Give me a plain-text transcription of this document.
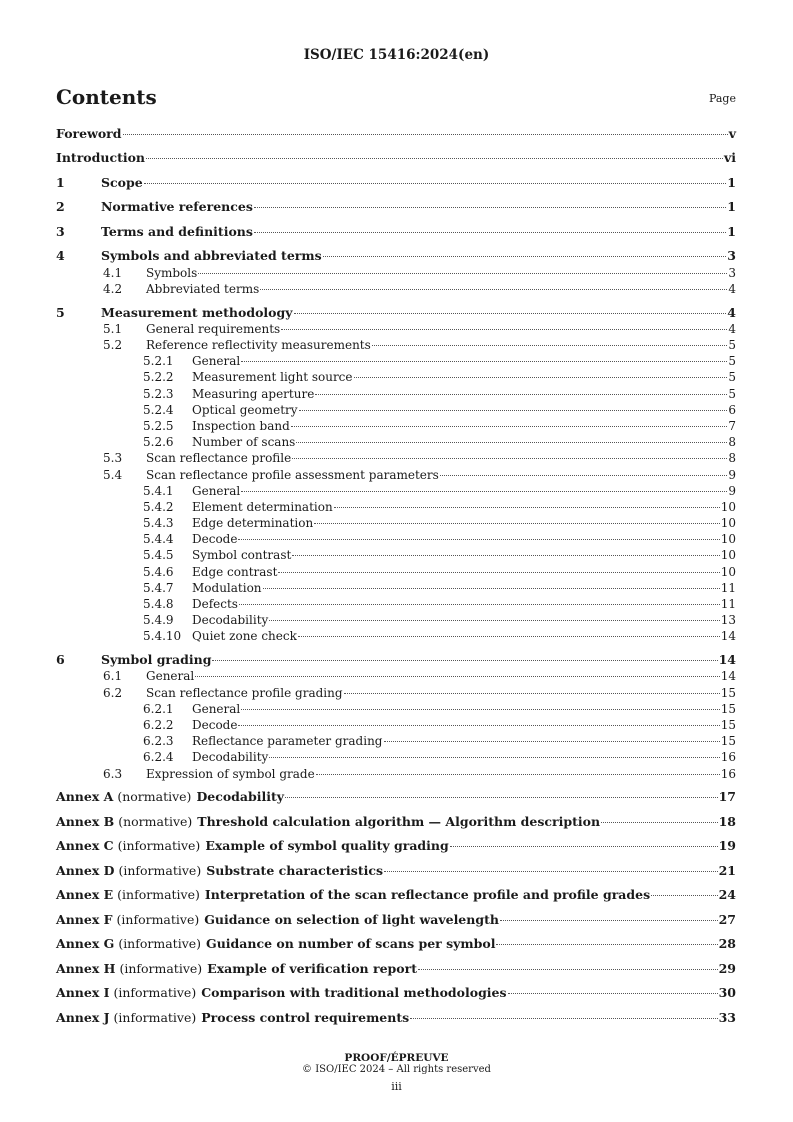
ISO/IEC 15416:2024(en)
Contents	Page
Foreword	v
Introduction	vi
1	Scope	1
2	Normative references	1
3	Terms and definitions	1
4	Symbols and abbreviated terms	3
4.1 Symbols	3
4.2 Abbreviated terms	4
5	Measurement methodology	4
5.1 General requirements	4
5.2 Reference reflectivity measurements	5
5.2.1 General	5
5.2.2 Measurement light source	5
5.2.3 Measuring aperture	5
5.2.4 Optical geometry	6
5.2.5 Inspection band	7
5.2.6 Number of scans	8
5.3 Scan reflectance profile	8
5.4 Scan reflectance profile assessment parameters	9
5.4.1 General	9
5.4.2 Element determination	10
5.4.3 Edge determination	10
5.4.4 Decode	10
5.4.5 Symbol contrast	10
5.4.6 Edge contrast	10
5.4.7 Modulation	11
5.4.8 Defects	11
5.4.9 Decodability	13
5.4.10 Quiet zone check	14
6	Symbol grading	14
6.1 General	14
6.2 Scan reflectance profile grading	15
6.2.1 General	15
6.2.2 Decode	15
6.2.3 Reflectance parameter grading	15
6.2.4 Decodability	16
6.3 Expression of symbol grade	16
Annex A (normative) Decodability	17
Annex B (normative) Threshold calculation algorithm — Algorithm description	18
Annex C (informative) Example of symbol quality grading	19
Annex D (informative) Substrate characteristics	21
Annex E (informative) Interpretation of the scan reflectance profile and profile grades	24
Annex F (informative) Guidance on selection of light wavelength	27
Annex G (informative) Guidance on number of scans per symbol	28
Annex H (informative) Example of verification report	29
Annex I (informative) Comparison with traditional methodologies	30
Annex J (informative) Process control requirements	33
PROOF/ÉPREUVE
© ISO/IEC 2024 – All rights reserved
iii
